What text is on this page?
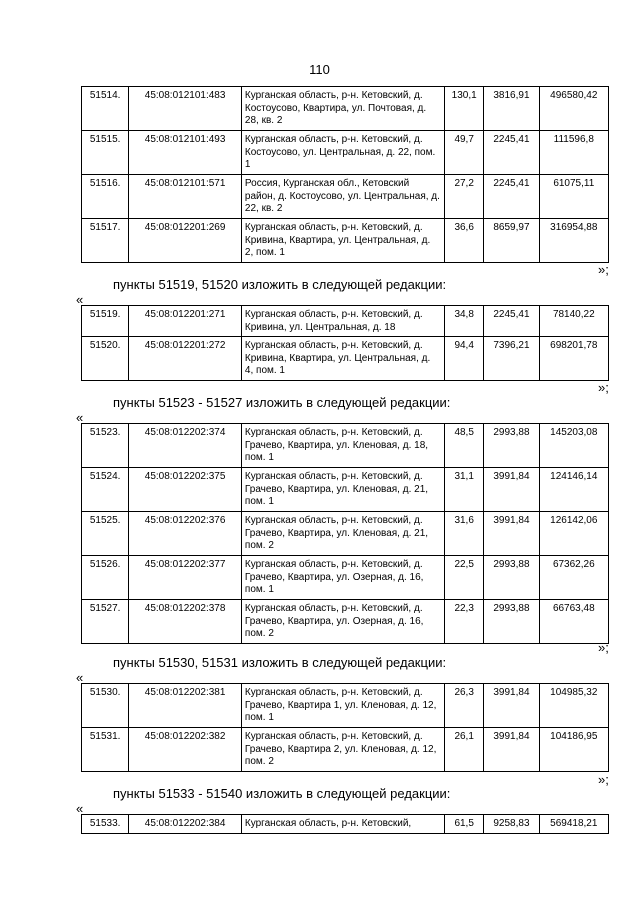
110
51514.	45:08:012101:483	Курганская область, р-н. Кетовский, д. Костоусово, Квартира, ул. Почтовая, д. 28, кв. 2	130,1	3816,91	496580,42
51515.	45:08:012101:493	Курганская область, р-н. Кетовский, д. Костоусово, ул. Центральная, д. 22, пом. 1	49,7	2245,41	111596,8
51516.	45:08:012101:571	Россия, Курганская обл., Кетовский район, д. Костоусово, ул. Центральная, д. 22, кв. 2	27,2	2245,41	61075,11
51517.	45:08:012201:269	Курганская область, р-н. Кетовский, д. Кривина, Квартира, ул. Центральная, д. 2, пом. 1	36,6	8659,97	316954,88
»;
пункты 51519, 51520 изложить в следующей редакции:
«
51519.	45:08:012201:271	Курганская область, р-н. Кетовский, д. Кривина, ул. Центральная, д. 18	34,8	2245,41	78140,22
51520.	45:08:012201:272	Курганская область, р-н. Кетовский, д. Кривина, Квартира, ул. Центральная, д. 4, пом. 1	94,4	7396,21	698201,78
»;
пункты 51523 - 51527 изложить в следующей редакции:
«
51523.	45:08:012202:374	Курганская область, р-н. Кетовский, д. Грачево, Квартира, ул. Кленовая, д. 18, пом. 1	48,5	2993,88	145203,08
51524.	45:08:012202:375	Курганская область, р-н. Кетовский, д. Грачево, Квартира, ул. Кленовая, д. 21, пом. 1	31,1	3991,84	124146,14
51525.	45:08:012202:376	Курганская область, р-н. Кетовский, д. Грачево, Квартира, ул. Кленовая, д. 21, пом. 2	31,6	3991,84	126142,06
51526.	45:08:012202:377	Курганская область, р-н. Кетовский, д. Грачево, Квартира, ул. Озерная, д. 16, пом. 1	22,5	2993,88	67362,26
51527.	45:08:012202:378	Курганская область, р-н. Кетовский, д. Грачево, Квартира, ул. Озерная, д. 16, пом. 2	22,3	2993,88	66763,48
»;
пункты 51530, 51531 изложить в следующей редакции:
«
51530.	45:08:012202:381	Курганская область, р-н. Кетовский, д. Грачево, Квартира 1, ул. Кленовая, д. 12, пом. 1	26,3	3991,84	104985,32
51531.	45:08:012202:382	Курганская область, р-н. Кетовский, д. Грачево, Квартира 2, ул. Кленовая, д. 12, пом. 2	26,1	3991,84	104186,95
»;
пункты 51533 - 51540 изложить в следующей редакции:
«
51533.	45:08:012202:384	Курганская область, р-н. Кетовский,	61,5	9258,83	569418,21
